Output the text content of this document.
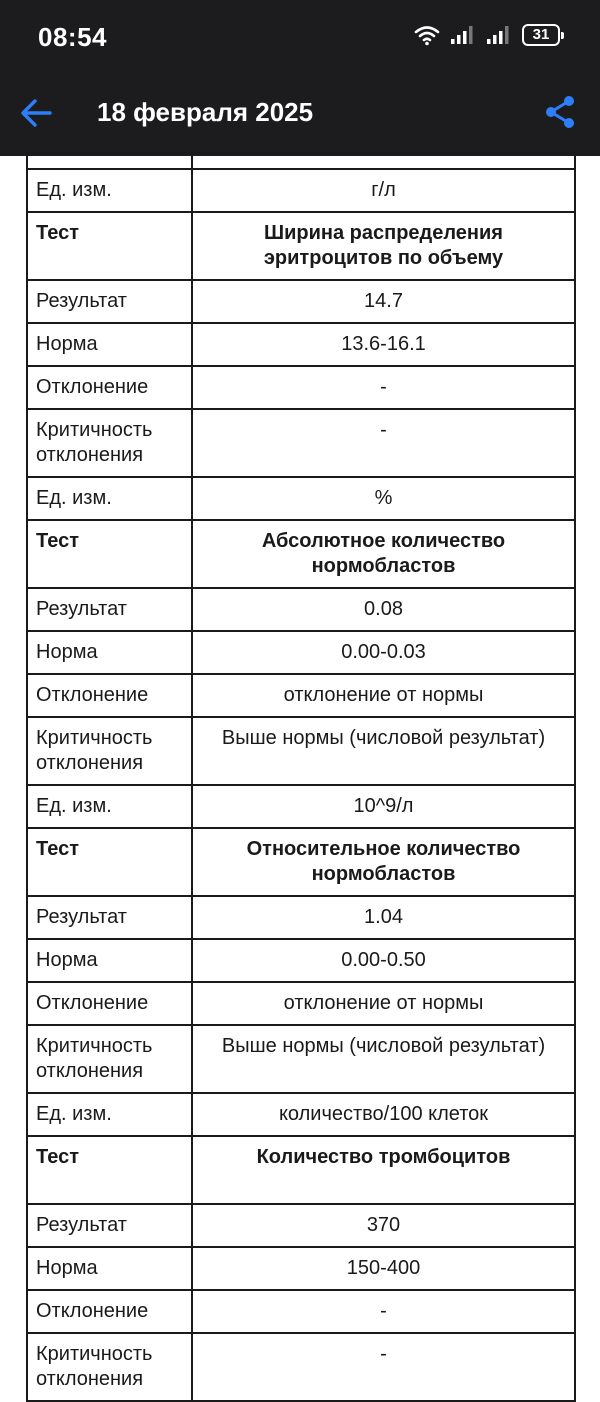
08:54	31
18 февраля 2025

Ед. изм.	г/л
Тест	Ширина распределения эритроцитов по объему
Результат	14.7
Норма	13.6-16.1
Отклонение	-
Критичность отклонения	-
Ед. изм.	%
Тест	Абсолютное количество нормобластов
Результат	0.08
Норма	0.00-0.03
Отклонение	отклонение от нормы
Критичность отклонения	Выше нормы (числовой результат)
Ед. изм.	10^9/л
Тест	Относительное количество нормобластов
Результат	1.04
Норма	0.00-0.50
Отклонение	отклонение от нормы
Критичность отклонения	Выше нормы (числовой результат)
Ед. изм.	количество/100 клеток
Тест	Количество тромбоцитов
Результат	370
Норма	150-400
Отклонение	-
Критичность отклонения	-
